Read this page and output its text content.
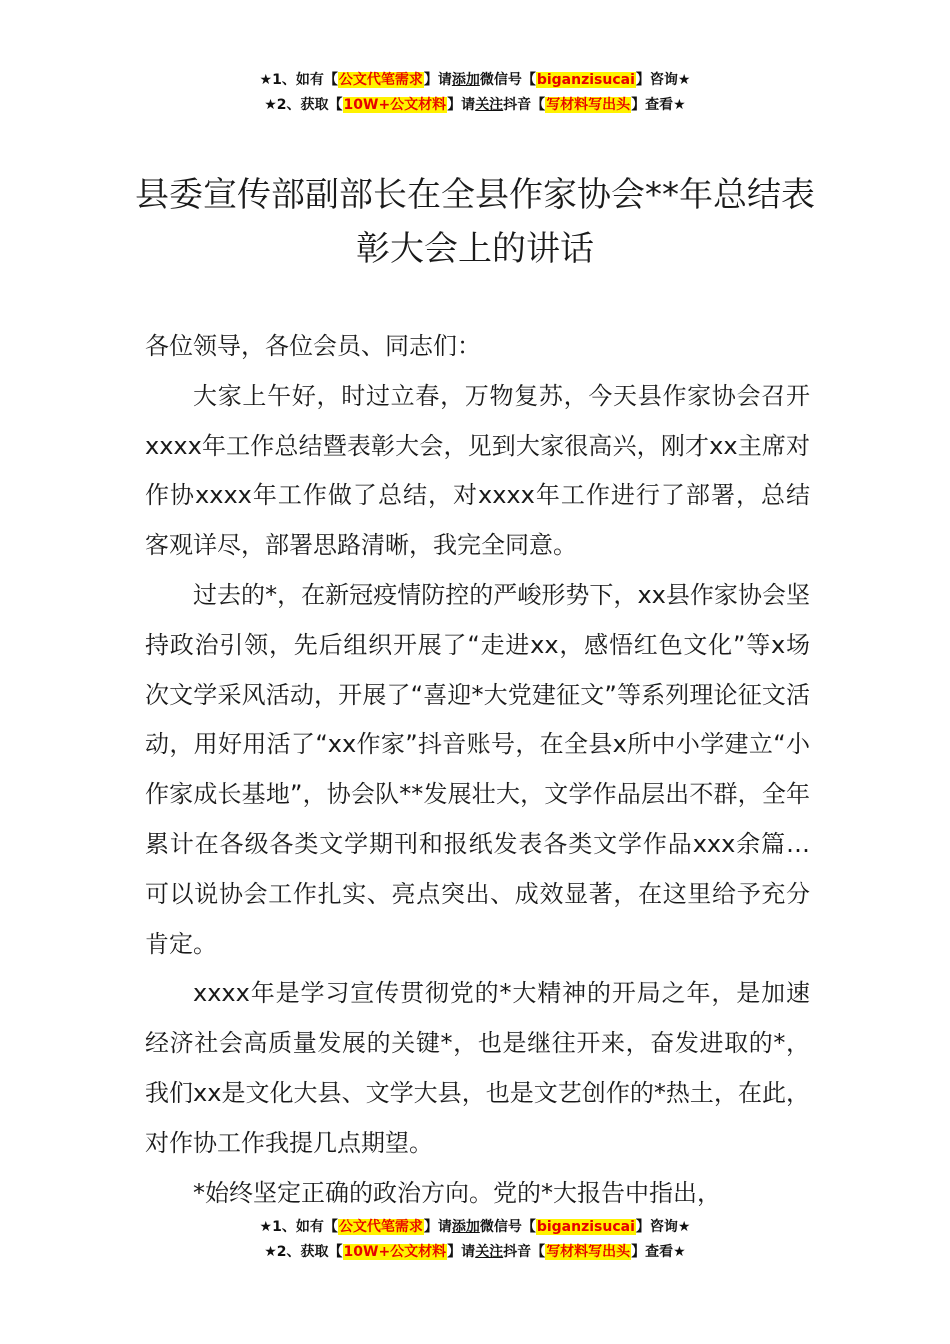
★1、如有【公文代笔需求】请添加微信号【biganzisucai】咨询★
★2、获取【10W+公文材料】请关注抖音【写材料写出头】查看★
县委宣传部副部长在全县作家协会**年总结表彰大会上的讲话

各位领导，各位会员、同志们：

大家上午好，时过立春，万物复苏，今天县作家协会召开xxxx年工作总结暨表彰大会，见到大家很高兴，刚才xx主席对作协xxxx年工作做了总结，对xxxx年工作进行了部署，总结客观详尽，部署思路清晰，我完全同意。

过去的*，在新冠疫情防控的严峻形势下，xx县作家协会坚持政治引领，先后组织开展了“走进xx，感悟红色文化”等x场次文学采风活动，开展了“喜迎*大党建征文”等系列理论征文活动，用好用活了“xx作家”抖音账号，在全县x所中小学建立“小作家成长基地”，协会队**发展壮大，文学作品层出不群，全年累计在各级各类文学期刊和报纸发表各类文学作品xxx余篇…可以说协会工作扎实、亮点突出、成效显著，在这里给予充分肯定。

xxxx年是学习宣传贯彻党的*大精神的开局之年，是加速经济社会高质量发展的关键*，也是继往开来，奋发进取的*，我们xx是文化大县、文学大县，也是文艺创作的*热土，在此，对作协工作我提几点期望。

*始终坚定正确的政治方向。党的*大报告中指出，

★1、如有【公文代笔需求】请添加微信号【biganzisucai】咨询★
★2、获取【10W+公文材料】请关注抖音【写材料写出头】查看★
